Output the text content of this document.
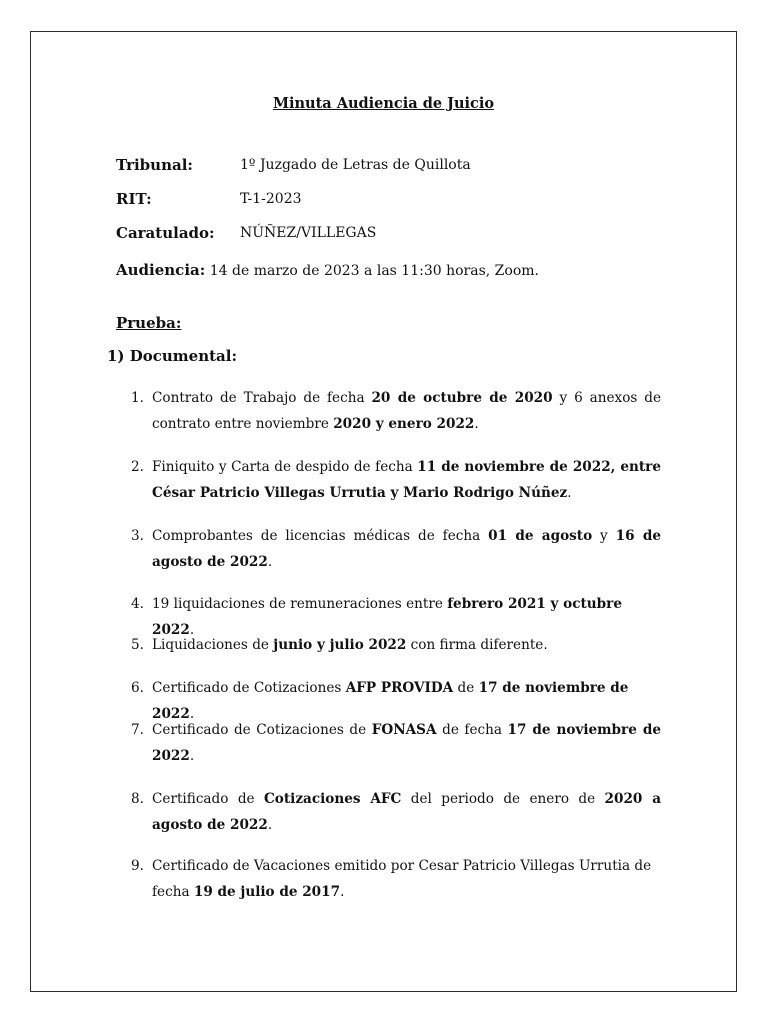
Minuta Audiencia de Juicio
Tribunal:	1º Juzgado de Letras de Quillota
RIT:	T-1-2023
Caratulado: NÚÑEZ/VILLEGAS
Audiencia: 14 de marzo de 2023 a las 11:30 horas, Zoom.
Prueba:
1) Documental:
1. Contrato de Trabajo de fecha 20 de octubre de 2020 y 6 anexos de contrato entre noviembre 2020 y enero 2022.
2. Finiquito y Carta de despido de fecha 11 de noviembre de 2022, entre César Patricio Villegas Urrutia y Mario Rodrigo Núñez.
3. Comprobantes de licencias médicas de fecha 01 de agosto y 16 de agosto de 2022.
4. 19 liquidaciones de remuneraciones entre febrero 2021 y octubre 2022.
5. Liquidaciones de junio y julio 2022 con firma diferente.
6. Certificado de Cotizaciones AFP PROVIDA de 17 de noviembre de 2022.
7. Certificado de Cotizaciones de FONASA de fecha 17 de noviembre de 2022.
8. Certificado de Cotizaciones AFC del periodo de enero de 2020 a agosto de 2022.
9. Certificado de Vacaciones emitido por Cesar Patricio Villegas Urrutia de fecha 19 de julio de 2017.
